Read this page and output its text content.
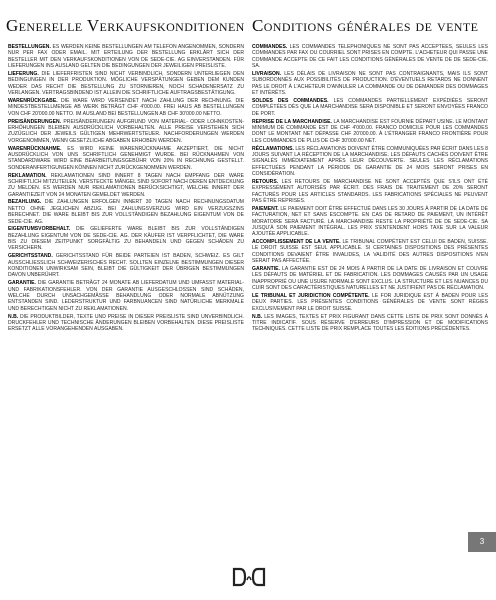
Generelle Verkaufskonditionen Conditions générales de vente

BESTELLUNGEN. ES WERDEN KEINE BESTELLUNGEN AM TELEFON ANGENOMMEN, SONDERN NUR PER FAX ODER EMAIL. MIT ERTEILUNG DER BESTELLUNG ERKLÄRT SICH DER BESTELLER MIT DEN VERKAUFSKONDITIONEN VON DE SEDE-CIE. AG EINVERSTANDEN. FÜR LIEFERUNGEN INS AUSLAND GELTEN DIE BEDINGUNGEN DER JEWEILIGEN PREISLISTE.

LIEFERUNG. DIE LIEFERFRISTEN SIND NICHT VERBINDLICH, SONDERN UNTERLIEGEN DEN BEDINGUNGEN IN DER PRODUKTION. MÖGLICHE VERSPÄTUNGEN GEBEN DEM KUNDEN WEDER DAS RECHT DIE BESTELLUNG ZU STORNIEREN, NOCH SCHADENERSATZ ZU VERLANGEN. VERTRAGSBINDEND IST ALLEIN DIE SCHRIFTLICHE AUFTRAGSBESTÄTIGUNG.

WARENRÜCKGABE. DIE WARE WIRD VERSENDET NACH ZAHLUNG DER RECHNUNG. DIE MINDESTBESTELLMENGE AB WERK BETRÄGT CHF 4'000.00. FREI HAUS AB BESTELLUNGEN VON CHF 20'000.00 NETTO. IM AUSLAND BEI BESTELLUNGEN AB CHF 30'000.00 NETTO.

PREISÄNDERUNGEN. PREISÄNDERUNGEN AUFGRUND VON MATERIAL- ODER LOHNKOSTEN-ERHÖHUNGEN BLEIBEN AUSDRÜCKLICH VORBEHALTEN. ALLE PREISE VERSTEHEN SICH ZUZÜGLICH DER JEWEILS GÜLTIGEN MEHRWERTSTEUER. NACHFORDERUNGEN WERDEN VORGENOMMEN, WENN GESETZLICHE ABGABEN ERHOBEN WERDEN.

WARENRÜCKNAHME. ES WIRD KEINE WARENRÜCKNAHME AKZEPTIERT, DIE NICHT AUSDRÜCKLICH VON UNS SCHRIFTLICH GENEHMIGT WURDE. BEI RÜCKNAHMEN VON STANDARDWARE WIRD EINE BEARBEITUNGSGEBÜHR VON 20% IN RECHNUNG GESTELLT. SONDERANFERTIGUNGEN KÖNNEN NICHT ZURÜCKGENOMMEN WERDEN.

REKLAMATION. REKLAMATIONEN SIND INNERT 8 TAGEN NACH EMPFANG DER WARE SCHRIFTLICH MITZUTEILEN. VERSTECKTE MÄNGEL SIND SOFORT NACH DEREN ENTDECKUNG ZU MELDEN. ES WERDEN NUR REKLAMATIONEN BERÜCKSICHTIGT, WELCHE INNERT DER GARANTIEZEIT VON 24 MONATEN GEMELDET WERDEN.

BEZAHLUNG. DIE ZAHLUNGEN ERFOLGEN INNERT 30 TAGEN NACH RECHNUNGSDATUM NETTO OHNE JEGLICHEN ABZUG. BEI ZAHLUNGSVERZUG WIRD EIN VERZUGSZINS BERECHNET. DIE WARE BLEIBT BIS ZUR VOLLSTÄNDIGEN BEZAHLUNG EIGENTUM VON DE SEDE-CIE. AG.

EIGENTUMSVORBEHALT. DIE GELIEFERTE WARE BLEIBT BIS ZUR VOLLSTÄNDIGEN BEZAHLUNG EIGENTUM VON DE SEDE-CIE. AG. DER KÄUFER IST VERPFLICHTET, DIE WARE BIS ZU DIESEM ZEITPUNKT SORGFÄLTIG ZU BEHANDELN UND GEGEN SCHÄDEN ZU VERSICHERN.

GERICHTSSTAND. GERICHTSSTAND FÜR BEIDE PARTEIEN IST BADEN, SCHWEIZ. ES GILT AUSSCHLIESSLICH SCHWEIZERISCHES RECHT. SOLLTEN EINZELNE BESTIMMUNGEN DIESER KONDITIONEN UNWIRKSAM SEIN, BLEIBT DIE GÜLTIGKEIT DER ÜBRIGEN BESTIMMUNGEN DAVON UNBERÜHRT.

GARANTIE. DIE GARANTIE BETRÄGT 24 MONATE AB LIEFERDATUM UND UMFASST MATERIAL- UND FABRIKATIONSFEHLER. VON DER GARANTIE AUSGESCHLOSSEN SIND SCHÄDEN, WELCHE DURCH UNSACHGEMÄSSE BEHANDLUNG ODER NORMALE ABNÜTZUNG ENTSTANDEN SIND. LEDERSTRUKTUR UND FARBNUANCEN SIND NATÜRLICHE MERKMALE UND BERECHTIGEN NICHT ZU REKLAMATIONEN.

N.B. DIE PRODUKTBILDER, TEXTE UND PREISE IN DIESER PREISLISTE SIND UNVERBINDLICH. DRUCKFEHLER UND TECHNISCHE ÄNDERUNGEN BLEIBEN VORBEHALTEN. DIESE PREISLISTE ERSETZT ALLE VORANGEHENDEN AUSGABEN.

COMMANDES. LES COMMANDES TÉLÉPHONIQUES NE SONT PAS ACCEPTÉES, SEULES LES COMMANDES PAR FAX OU COURRIEL SONT PRISES EN COMPTE. L'ACHETEUR QUI PASSE UNE COMMANDE ACCEPTE DE CE FAIT LES CONDITIONS GÉNÉRALES DE VENTE DE DE SEDE-CIE. SA.

LIVRAISON. LES DÉLAIS DE LIVRAISON NE SONT PAS CONTRAIGNANTS, MAIS ILS SONT SUBORDONNÉS AUX POSSIBILITÉS DE PRODUCTION. D'ÉVENTUELS RETARDS NE DONNENT PAS LE DROIT À L'ACHETEUR D'ANNULER LA COMMANDE OU DE DEMANDER DES DOMMAGES ET INTÉRÊTS.

SOLDES DES COMMANDES. LES COMMANDES PARTIELLEMENT EXPÉDIÉES SERONT COMPLÉTÉES DÈS QUE LA MARCHANDISE SERA DISPONIBLE ET SERONT ENVOYÉES FRANCO DE PORT.

REPRISE DE LA MARCHANDISE. LA MARCHANDISE EST FOURNIE DÉPART USINE. LE MONTANT MINIMUM DE COMMANDE EST DE CHF 4'000.00. FRANCO DOMICILE POUR LES COMMANDES DONT LE MONTANT NET DÉPASSE CHF 20'000.00. À L'ÉTRANGER FRANCO FRONTIÈRE POUR LES COMMANDES DE PLUS DE CHF 30'000.00 NET.

RÉCLAMATIONS. LES RÉCLAMATIONS DOIVENT ÊTRE COMMUNIQUÉES PAR ÉCRIT DANS LES 8 JOURS SUIVANT LA RÉCEPTION DE LA MARCHANDISE. LES DÉFAUTS CACHÉS DOIVENT ÊTRE SIGNALÉS IMMÉDIATEMENT APRÈS LEUR DÉCOUVERTE. SEULES LES RÉCLAMATIONS EFFECTUÉES PENDANT LA PÉRIODE DE GARANTIE DE 24 MOIS SERONT PRISES EN CONSIDÉRATION.

RETOURS. LES RETOURS DE MARCHANDISE NE SONT ACCEPTÉS QUE S'ILS ONT ÉTÉ EXPRESSÉMENT AUTORISÉS PAR ÉCRIT. DES FRAIS DE TRAITEMENT DE 20% SERONT FACTURÉS POUR LES ARTICLES STANDARDS. LES FABRICATIONS SPÉCIALES NE PEUVENT PAS ÊTRE REPRISES.

PAIEMENT. LE PAIEMENT DOIT ÊTRE EFFECTUÉ DANS LES 30 JOURS À PARTIR DE LA DATE DE FACTURATION, NET ET SANS ESCOMPTE. EN CAS DE RETARD DE PAIEMENT, UN INTÉRÊT MORATOIRE SERA FACTURÉ. LA MARCHANDISE RESTE LA PROPRIÉTÉ DE DE SEDE-CIE. SA JUSQU'À SON PAIEMENT INTÉGRAL. LES PRIX S'ENTENDENT HORS TAXE SUR LA VALEUR AJOUTÉE APPLICABLE.

ACCOMPLISSEMENT DE LA VENTE. LE TRIBUNAL COMPÉTENT EST CELUI DE BADEN, SUISSE. LE DROIT SUISSE EST SEUL APPLICABLE. SI CERTAINES DISPOSITIONS DES PRÉSENTES CONDITIONS DEVAIENT ÊTRE INVALIDES, LA VALIDITÉ DES AUTRES DISPOSITIONS N'EN SERAIT PAS AFFECTÉE.

GARANTIE. LA GARANTIE EST DE 24 MOIS À PARTIR DE LA DATE DE LIVRAISON ET COUVRE LES DÉFAUTS DE MATÉRIEL ET DE FABRICATION. LES DOMMAGES CAUSÉS PAR UN USAGE INAPPROPRIÉ OU UNE USURE NORMALE SONT EXCLUS. LA STRUCTURE ET LES NUANCES DU CUIR SONT DES CARACTÉRISTIQUES NATURELLES ET NE JUSTIFIENT PAS DE RÉCLAMATION.

LE TRIBUNAL ET JURIDICTION COMPÉTENTE. LE FOR JURIDIQUE EST À BADEN POUR LES DEUX PARTIES. LES PRÉSENTES CONDITIONS GÉNÉRALES DE VENTE SONT RÉGIES EXCLUSIVEMENT PAR LE DROIT SUISSE.

N.B. LES IMAGES, TEXTES ET PRIX FIGURANT DANS CETTE LISTE DE PRIX SONT DONNÉS À TITRE INDICATIF. SOUS RÉSERVE D'ERREURS D'IMPRESSION ET DE MODIFICATIONS TECHNIQUES. CETTE LISTE DE PRIX REMPLACE TOUTES LES ÉDITIONS PRÉCÉDENTES.

3
